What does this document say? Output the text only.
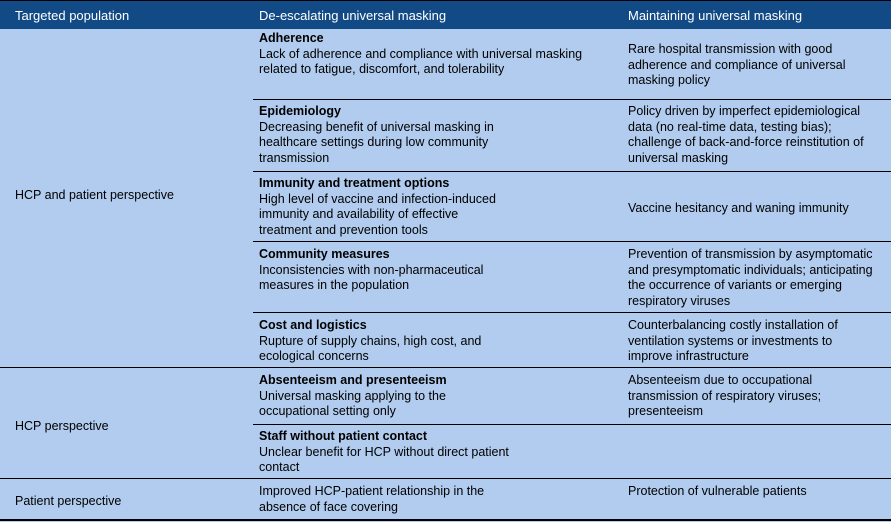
Targeted population	De-escalating universal masking	Maintaining universal masking
HCP and patient perspective
Adherence
Lack of adherence and compliance with universal masking related to fatigue, discomfort, and tolerability
Rare hospital transmission with good adherence and compliance of universal masking policy
Epidemiology
Decreasing benefit of universal masking in healthcare settings during low community transmission
Policy driven by imperfect epidemiological data (no real-time data, testing bias); challenge of back-and-force reinstitution of universal masking
Immunity and treatment options
High level of vaccine and infection-induced immunity and availability of effective treatment and prevention tools
Vaccine hesitancy and waning immunity
Community measures
Inconsistencies with non-pharmaceutical measures in the population
Prevention of transmission by asymptomatic and presymptomatic individuals; anticipating the occurrence of variants or emerging respiratory viruses
Cost and logistics
Rupture of supply chains, high cost, and ecological concerns
Counterbalancing costly installation of ventilation systems or investments to improve infrastructure
HCP perspective
Absenteeism and presenteeism
Universal masking applying to the occupational setting only
Absenteeism due to occupational transmission of respiratory viruses; presenteeism
Staff without patient contact
Unclear benefit for HCP without direct patient contact
Patient perspective
Improved HCP-patient relationship in the absence of face covering
Protection of vulnerable patients
